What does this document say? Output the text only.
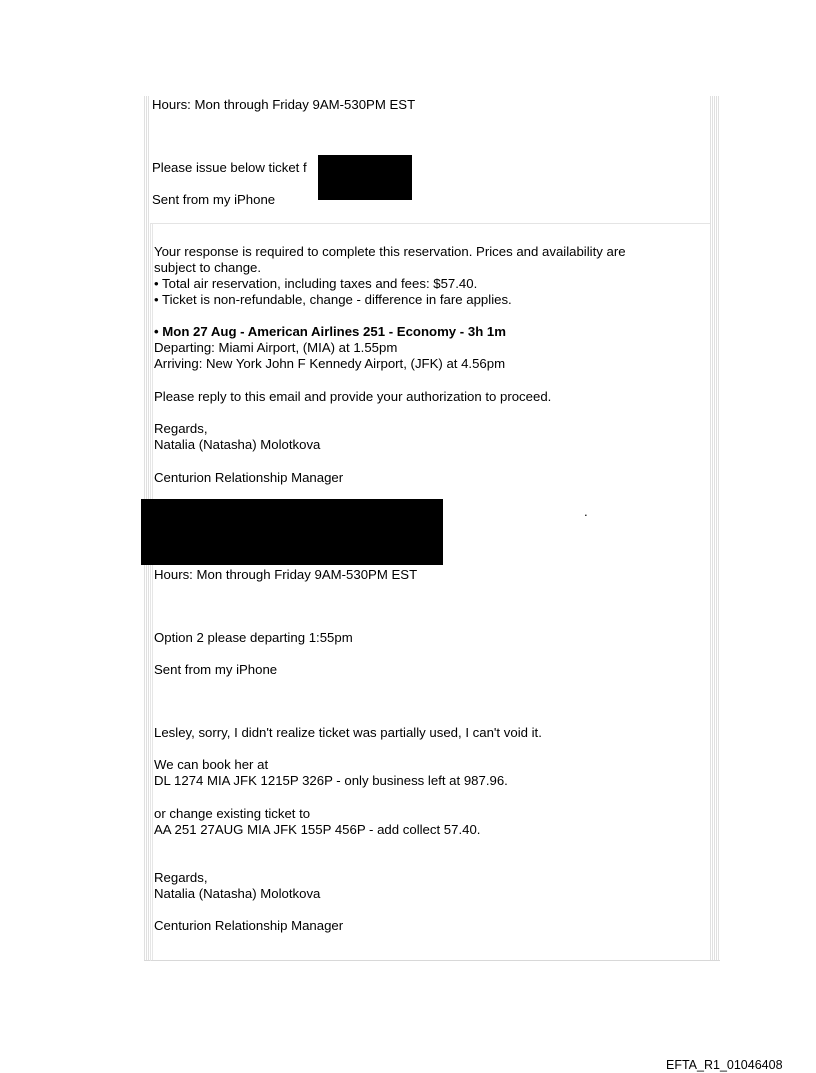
Hours: Mon through Friday 9AM-530PM EST

Please issue below ticket f

Sent from my iPhone

Your response is required to complete this reservation. Prices and availability are

subject to change.

• Total air reservation, including taxes and fees: $57.40.

• Ticket is non-refundable, change - difference in fare applies.

• Mon 27 Aug - American Airlines 251 - Economy - 3h 1m

Departing: Miami Airport, (MIA) at 1.55pm

Arriving: New York John F Kennedy Airport, (JFK) at 4.56pm

Please reply to this email and provide your authorization to proceed.

Regards,

Natalia (Natasha) Molotkova

Centurion Relationship Manager

.

Hours: Mon through Friday 9AM-530PM EST

Option 2 please departing 1:55pm

Sent from my iPhone

Lesley, sorry, I didn't realize ticket was partially used, I can't void it.

We can book her at

DL 1274 MIA JFK 1215P 326P - only business left at 987.96.

or change existing ticket to

AA 251 27AUG MIA JFK 155P 456P - add collect 57.40.

Regards,

Natalia (Natasha) Molotkova

Centurion Relationship Manager

EFTA_R1_01046408
